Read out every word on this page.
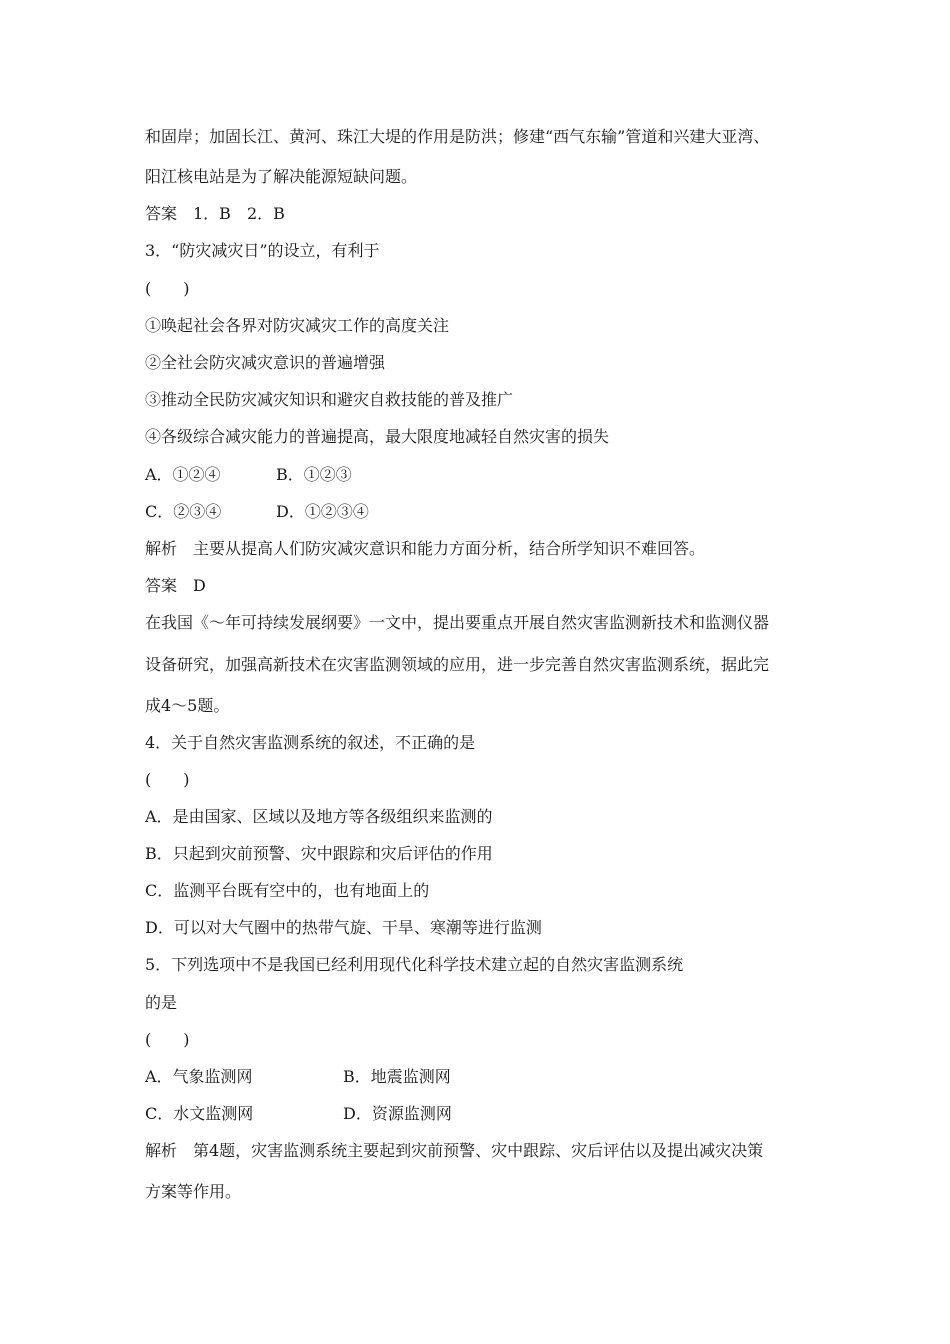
和固岸；加固长江、黄河、珠江大堤的作用是防洪；修建“西气东输”管道和兴建大亚湾、
阳江核电站是为了解决能源短缺问题。
答案　1．B　2．B
3．“防灾减灾日”的设立，有利于
(　　)
①唤起社会各界对防灾减灾工作的高度关注
②全社会防灾减灾意识的普遍增强
③推动全民防灾减灾知识和避灾自救技能的普及推广
④各级综合减灾能力的普遍提高，最大限度地减轻自然灾害的损失
A．①②④	B．①②③
C．②③④	D．①②③④
解析　主要从提高人们防灾减灾意识和能力方面分析，结合所学知识不难回答。
答案　D
在我国《～年可持续发展纲要》一文中，提出要重点开展自然灾害监测新技术和监测仪器
设备研究，加强高新技术在灾害监测领域的应用，进一步完善自然灾害监测系统，据此完
成4～5题。
4．关于自然灾害监测系统的叙述，不正确的是
(　　)
A．是由国家、区域以及地方等各级组织来监测的
B．只起到灾前预警、灾中跟踪和灾后评估的作用
C．监测平台既有空中的，也有地面上的
D．可以对大气圈中的热带气旋、干旱、寒潮等进行监测
5．下列选项中不是我国已经利用现代化科学技术建立起的自然灾害监测系统
的是
(　　)
A．气象监测网	B．地震监测网
C．水文监测网	D．资源监测网
解析　第4题，灾害监测系统主要起到灾前预警、灾中跟踪、灾后评估以及提出减灾决策
方案等作用。
